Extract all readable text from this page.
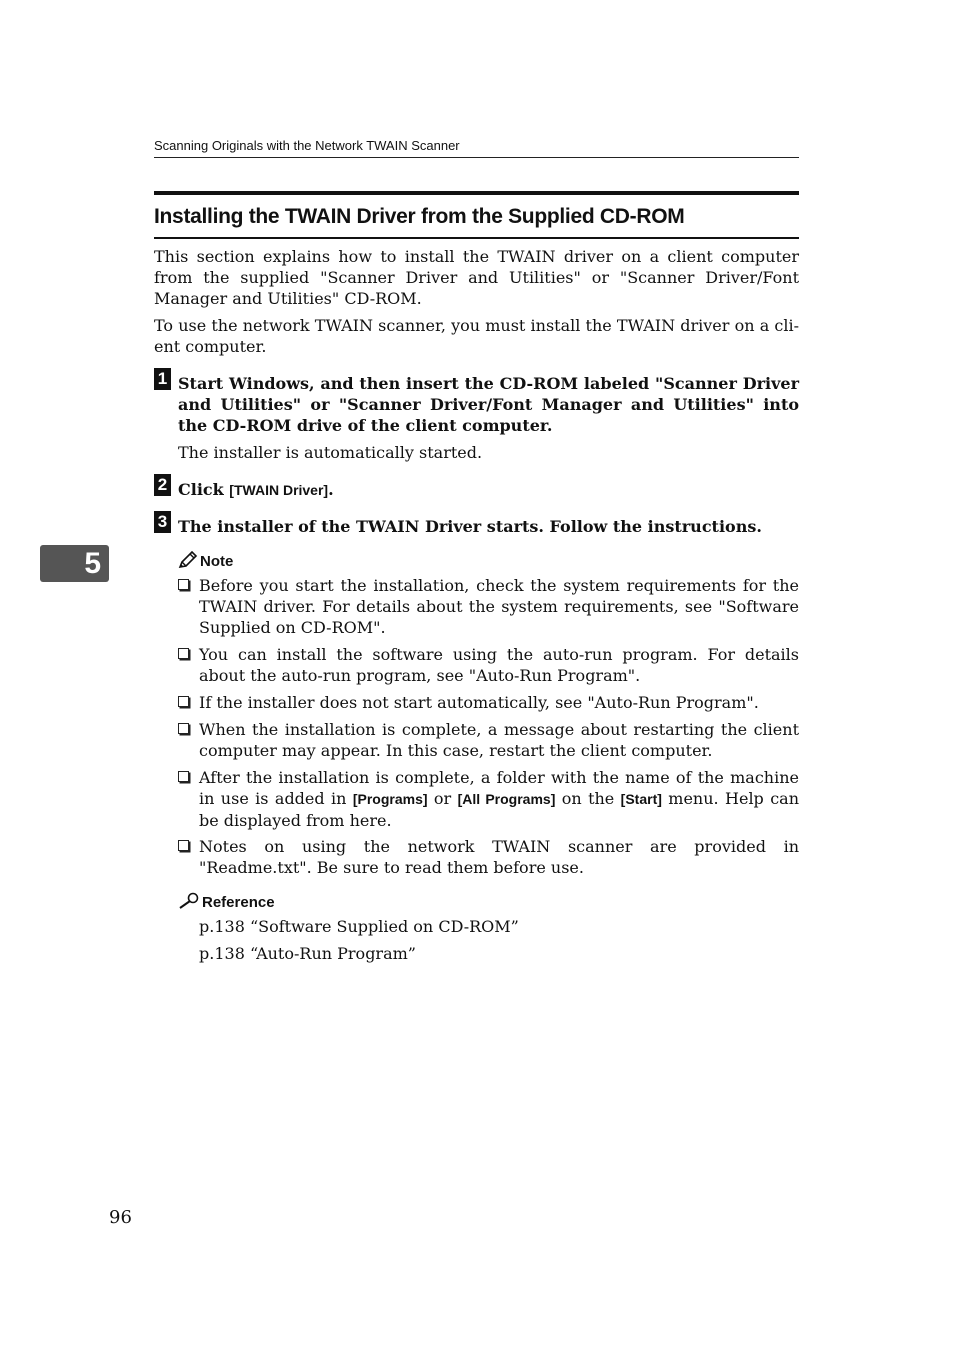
Scanning Originals with the Network TWAIN Scanner
Installing the TWAIN Driver from the Supplied CD-ROM

This section explains how to install the TWAIN driver on a client computer from the supplied "Scanner Driver and Utilities" or "Scanner Driver/Font Manager and Utilities" CD-ROM.

To use the network TWAIN scanner, you must install the TWAIN driver on a cli-ent computer.

1 Start Windows, and then insert the CD-ROM labeled "Scanner Driver and Utilities" or "Scanner Driver/Font Manager and Utilities" into the CD-ROM drive of the client computer.

The installer is automatically started.

2 Click [TWAIN Driver].

3 The installer of the TWAIN Driver starts. Follow the instructions.

5	Note
Before you start the installation, check the system requirements for the TWAIN driver. For details about the system requirements, see "Software Supplied on CD-ROM".
You can install the software using the auto-run program. For details about the auto-run program, see "Auto-Run Program".
If the installer does not start automatically, see "Auto-Run Program".
When the installation is complete, a message about restarting the client computer may appear. In this case, restart the client computer.
After the installation is complete, a folder with the name of the machine in use is added in [Programs] or [All Programs] on the [Start] menu. Help can be displayed from here.
Notes on using the network TWAIN scanner are provided in "Readme.txt". Be sure to read them before use.
Reference

p.138 “Software Supplied on CD-ROM”

p.138 “Auto-Run Program”

96
